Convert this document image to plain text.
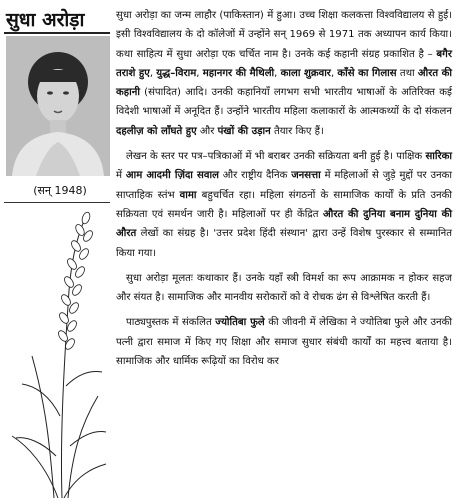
सुधा अरोड़ा
(सन् 1948)

सुधा अरोड़ा का जन्म लाहौर (पाकिस्तान) में हुआ। उच्च शिक्षा कलकत्ता विश्वविद्यालय से हुई। इसी विश्वविद्यालय के दो कॉलेजों में उन्होंने सन् 1969 से 1971 तक अध्यापन कार्य किया। कथा साहित्य में सुधा अरोड़ा एक चर्चित नाम है। उनके कई कहानी संग्रह प्रकाशित है – बगैर तराशे हुए, युद्ध–विराम, महानगर की मैथिली, काला शुक्रवार, काँसे का गिलास तथा औरत की कहानी (संपादित) आदि। उनकी कहानियाँ लगभग सभी भारतीय भाषाओं के अतिरिक्त कई विदेशी भाषाओं में अनूदित हैं। उन्होंने भारतीय महिला कलाकारों के आत्मकथ्यों के दो संकलन दहलीज़ को लाँघते हुए और पंखों की उड़ान तैयार किए हैं।

लेखन के स्तर पर पत्र–पत्रिकाओं में भी बराबर उनकी सक्रियता बनी हुई है। पाक्षिक सारिका में आम आदमी ज़िंदा सवाल और राष्ट्रीय दैनिक जनसत्ता में महिलाओं से जुड़े मुद्दों पर उनका साप्ताहिक स्तंभ वामा बहुचर्चित रहा। महिला संगठनों के सामाजिक कार्यों के प्रति उनकी सक्रियता एवं समर्थन जारी है। महिलाओं पर ही केंद्रित औरत की दुनिया बनाम दुनिया की औरत लेखों का संग्रह है। 'उत्तर प्रदेश हिंदी संस्थान' द्वारा उन्हें विशेष पुरस्कार से सम्मानित किया गया।

सुधा अरोड़ा मूलतः कथाकार हैं। उनके यहाँ स्त्री विमर्श का रूप आक्रामक न होकर सहज और संयत है। सामाजिक और मानवीय सरोकारों को वे रोचक ढंग से विश्लेषित करती हैं।

पाठ्यपुस्तक में संकलित ज्योतिबा फुले की जीवनी में लेखिका ने ज्योतिबा फुले और उनकी पत्नी द्वारा समाज में किए गए शिक्षा और समाज सुधार संबंधी कार्यों का महत्त्व बताया है। सामाजिक और धार्मिक रूढ़ियों का विरोध कर
